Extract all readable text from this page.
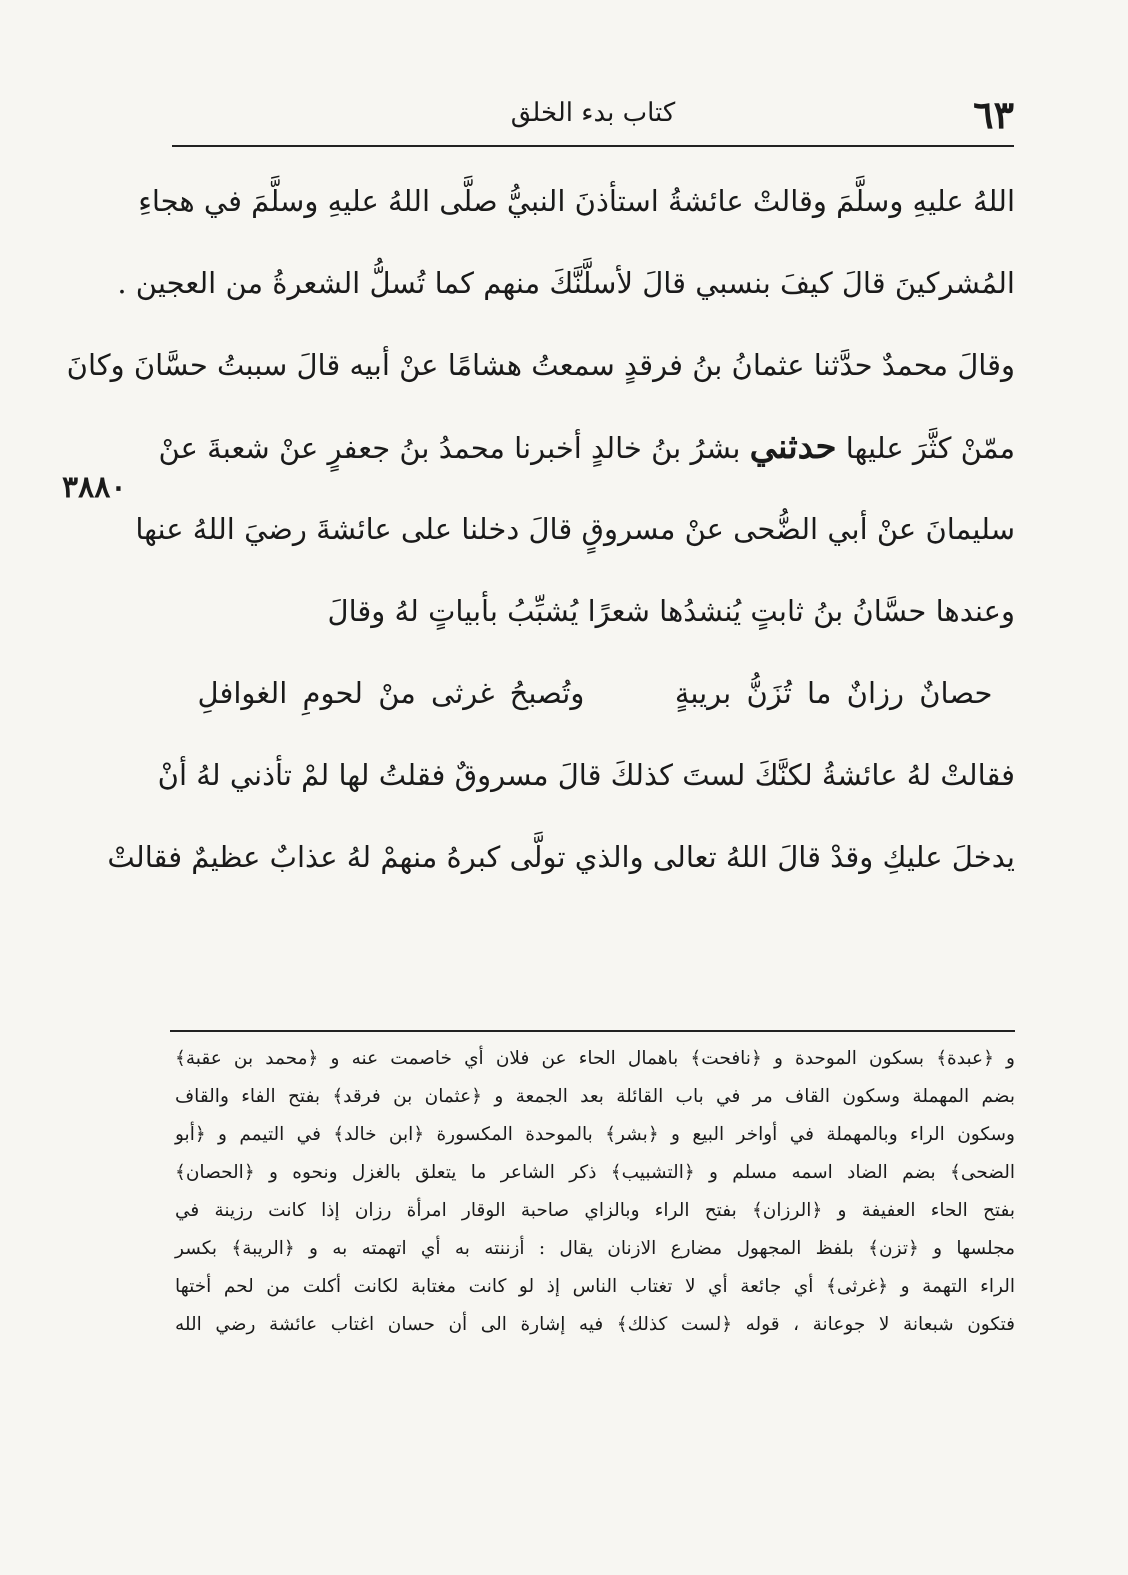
٦٣
كتاب بدء الخلق
٣٨٨٠
اللهُ عليهِ وسلَّمَ وقالتْ عائشةُ استأذنَ النبيُّ صلَّى اللهُ عليهِ وسلَّمَ في هجاءِ
المُشركينَ قالَ كيفَ بنسبي قالَ لأسلَّنَّكَ منهم كما تُسلُّ الشعرةُ من العجين .
وقالَ محمدٌ حدَّثنا عثمانُ بنُ فرقدٍ سمعتُ هشامًا عنْ أبيه قالَ سببتُ حسَّانَ وكانَ
ممّنْ كثَّرَ عليها حدثني بشرُ بنُ خالدٍ أخبرنا محمدُ بنُ جعفرٍ عنْ شعبةَ عنْ
سليمانَ عنْ أبي الضُّحى عنْ مسروقٍ قالَ دخلنا على عائشةَ رضيَ اللهُ عنها
وعندها حسَّانُ بنُ ثابتٍ يُنشدُها شعرًا يُشبِّبُ بأبياتٍ لهُ وقالَ
حصانٌ رزانٌ ما تُزَنُّ بريبةٍ  وتُصبحُ غرثى منْ لحومِ الغوافلِ
فقالتْ لهُ عائشةُ لكنَّكَ لستَ كذلكَ قالَ مسروقٌ فقلتُ لها لمْ تأذني لهُ أنْ
يدخلَ عليكِ وقدْ قالَ اللهُ تعالى والذي تولَّى كبرهُ منهمْ لهُ عذابٌ عظيمٌ فقالتْ
و ﴿عبدة﴾ بسكون الموحدة و ﴿نافحت﴾ باهمال الحاء عن فلان أي خاصمت عنه و ﴿محمد بن عقبة﴾
بضم المهملة وسكون القاف مر في باب القائلة بعد الجمعة و ﴿عثمان بن فرقد﴾ بفتح الفاء والقاف
وسكون الراء وبالمهملة في أواخر البيع و ﴿بشر﴾ بالموحدة المكسورة ﴿ابن خالد﴾ في التيمم و ﴿أبو
الضحى﴾ بضم الضاد اسمه مسلم و ﴿التشبيب﴾ ذكر الشاعر ما يتعلق بالغزل ونحوه و ﴿الحصان﴾
بفتح الحاء العفيفة و ﴿الرزان﴾ بفتح الراء وبالزاي صاحبة الوقار امرأة رزان إذا كانت رزينة في
مجلسها و ﴿تزن﴾ بلفظ المجهول مضارع الازنان يقال : أزننته به أي اتهمته به و ﴿الريبة﴾ بكسر
الراء التهمة و ﴿غرثى﴾ أي جائعة أي لا تغتاب الناس إذ لو كانت مغتابة لكانت أكلت من لحم أختها
فتكون شبعانة لا جوعانة ، قوله ﴿لست كذلك﴾ فيه إشارة الى أن حسان اغتاب عائشة رضي الله
